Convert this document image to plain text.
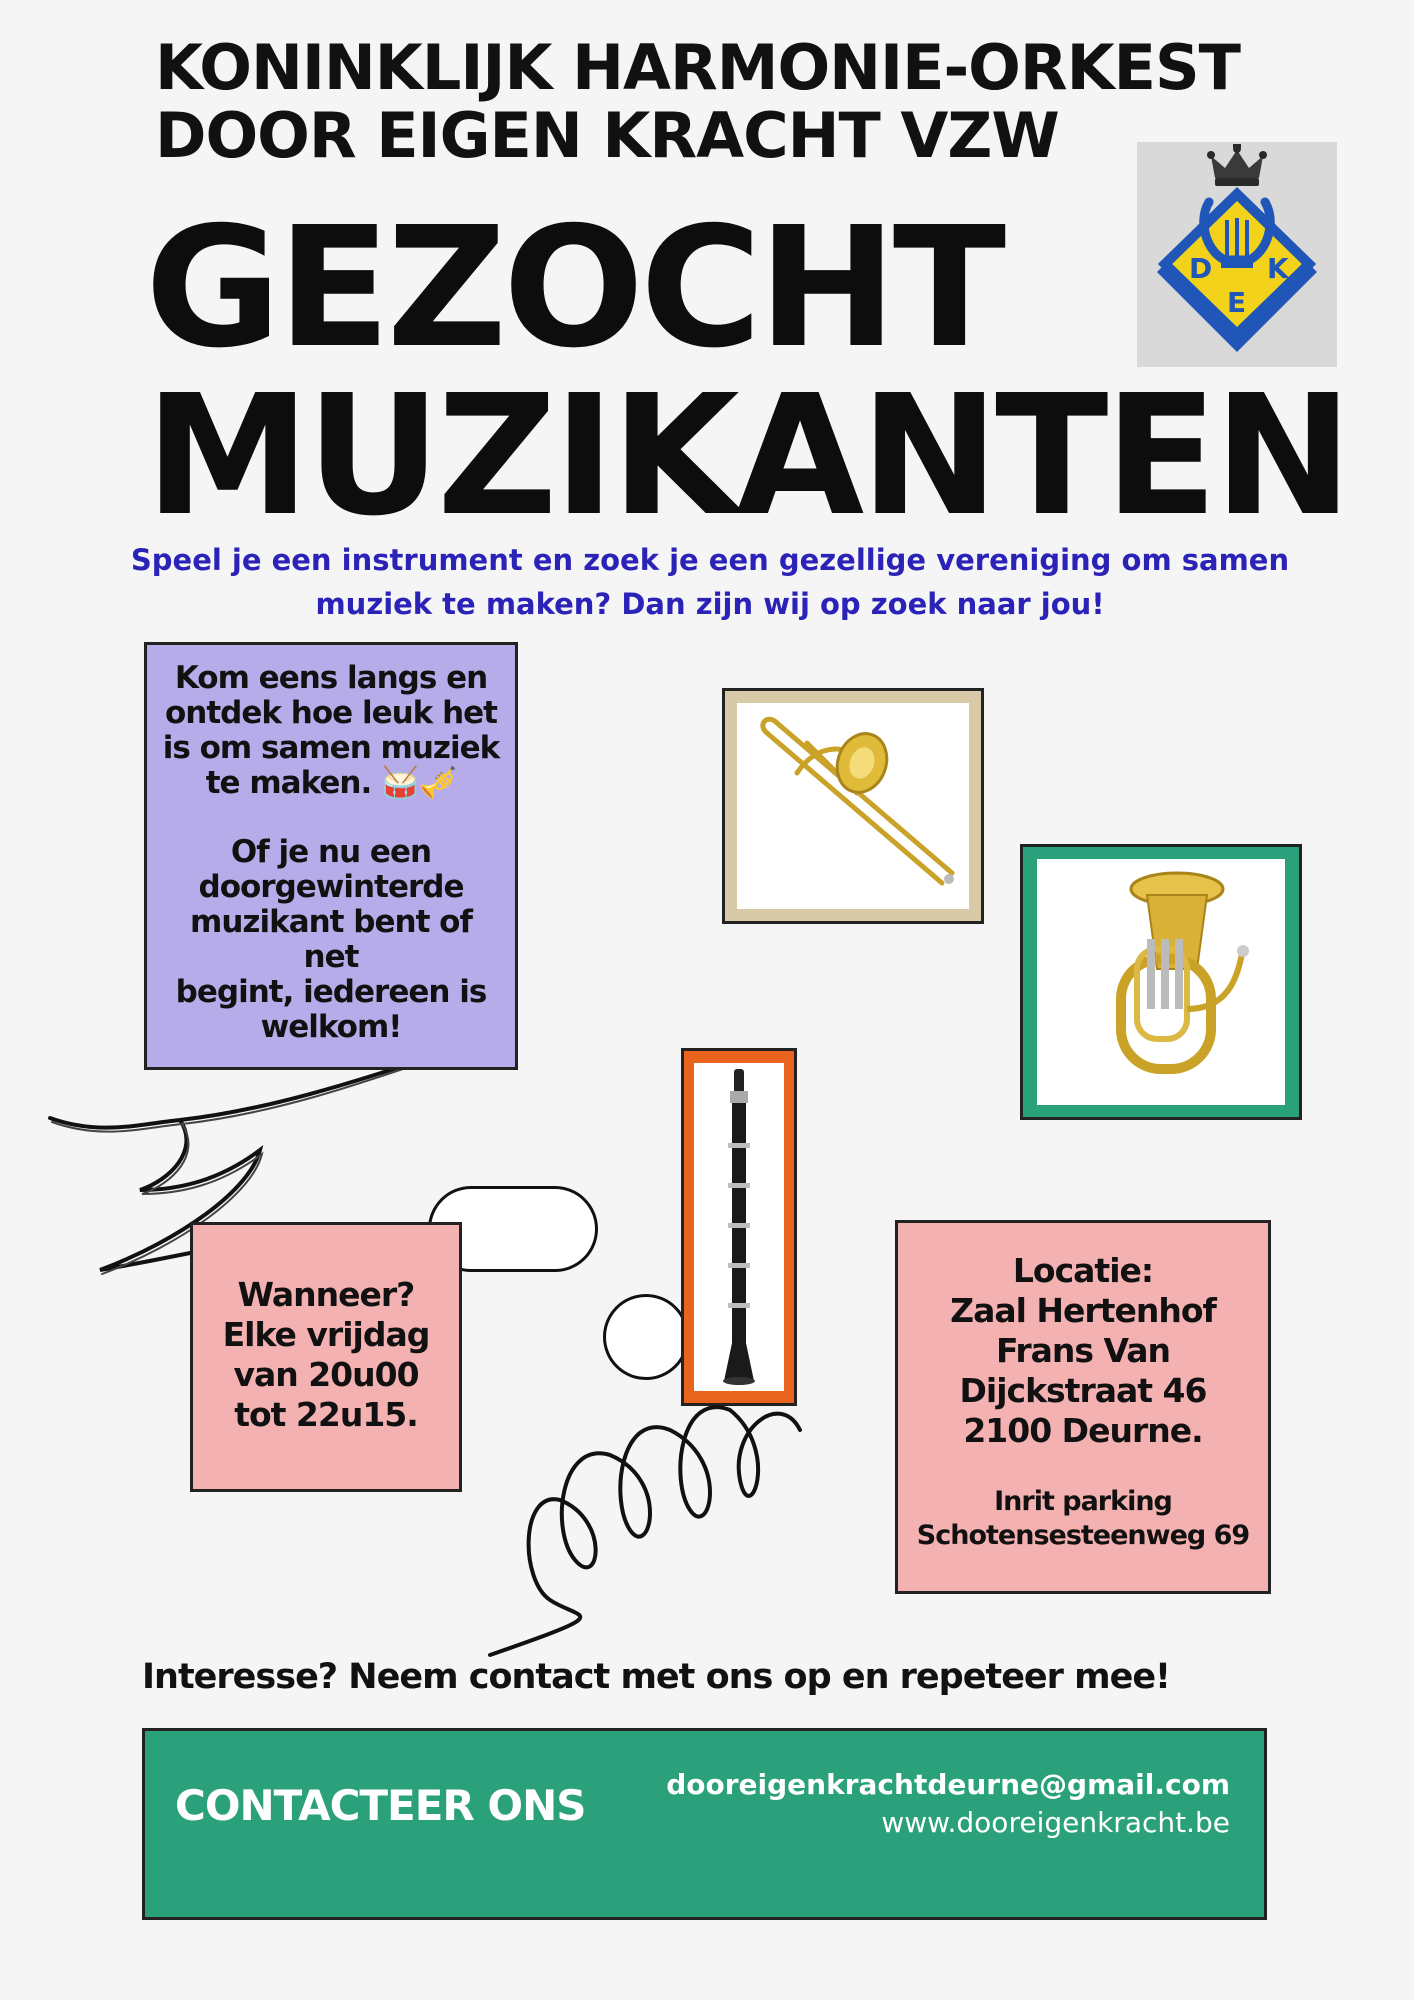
KONINKLIJK HARMONIE-ORKEST
DOOR EIGEN KRACHT VZW
D K
E
GEZOCHT
MUZIKANTEN
Speel je een instrument en zoek je een gezellige vereniging om samen
muziek te maken? Dan zijn wij op zoek naar jou!
Kom eens langs en
ontdek hoe leuk het
is om samen muziek
te maken. 🥁🎺
Of je nu een
doorgewinterde
muzikant bent of net
begint, iedereen is
welkom!
Wanneer?
Elke vrijdag
van 20u00
tot 22u15.
Locatie:
Zaal Hertenhof
Frans Van
Dijckstraat 46
2100 Deurne.
Inrit parking
Schotensesteenweg 69
Interesse? Neem contact met ons op en repeteer mee!
CONTACTEER ONS	dooreigenkrachtdeurne@gmail.com
www.dooreigenkracht.be
